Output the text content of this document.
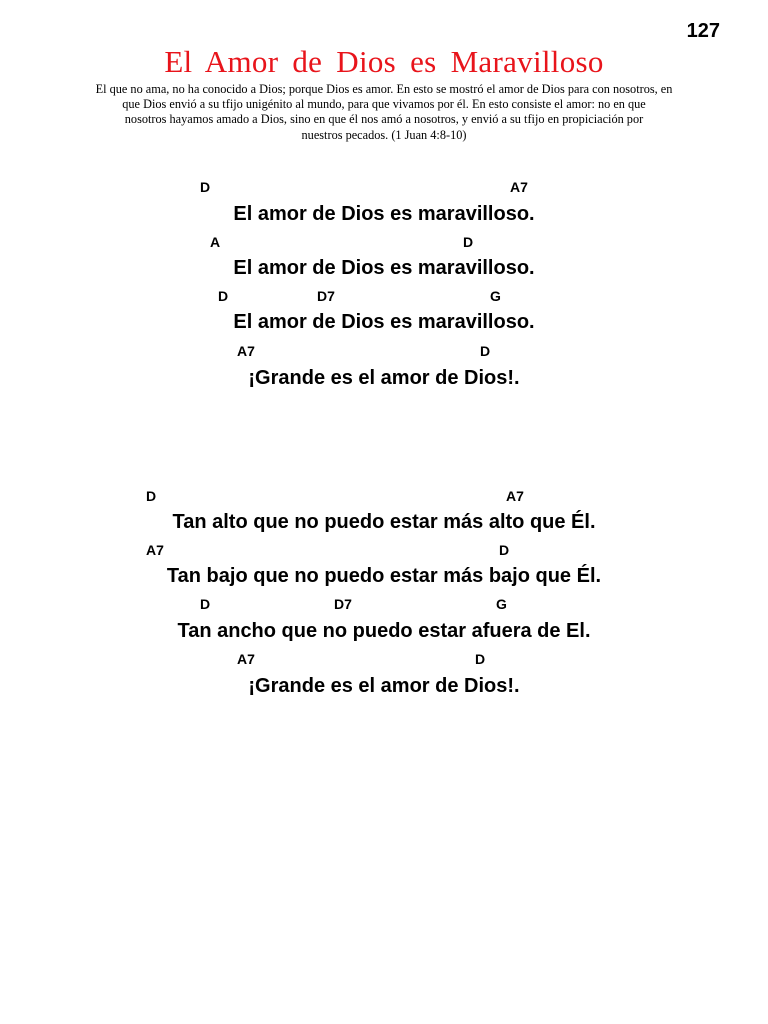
127
El Amor de Dios es Maravilloso
El que no ama, no ha conocido a Dios; porque Dios es amor. En esto se mostró el amor de Dios para con nosotros, en
que Dios envió a su tfijo unigénito al mundo, para que vivamos por él. En esto consiste el amor: no en que
nosotros hayamos amado a Dios, sino en que él nos amó a nosotros, y envió a su tfijo en propiciación por
nuestros pecados. (1 Juan 4:8-10)
D	A7
El amor de Dios es maravilloso.
A	D
El amor de Dios es maravilloso.
D	D7	G
El amor de Dios es maravilloso.
A7	D
¡Grande es el amor de Dios!.
D	A7
Tan alto que no puedo estar más alto que Él.
A7	D
Tan bajo que no puedo estar más bajo que Él.
D	D7	G
Tan ancho que no puedo estar afuera de El.
A7	D
¡Grande es el amor de Dios!.
